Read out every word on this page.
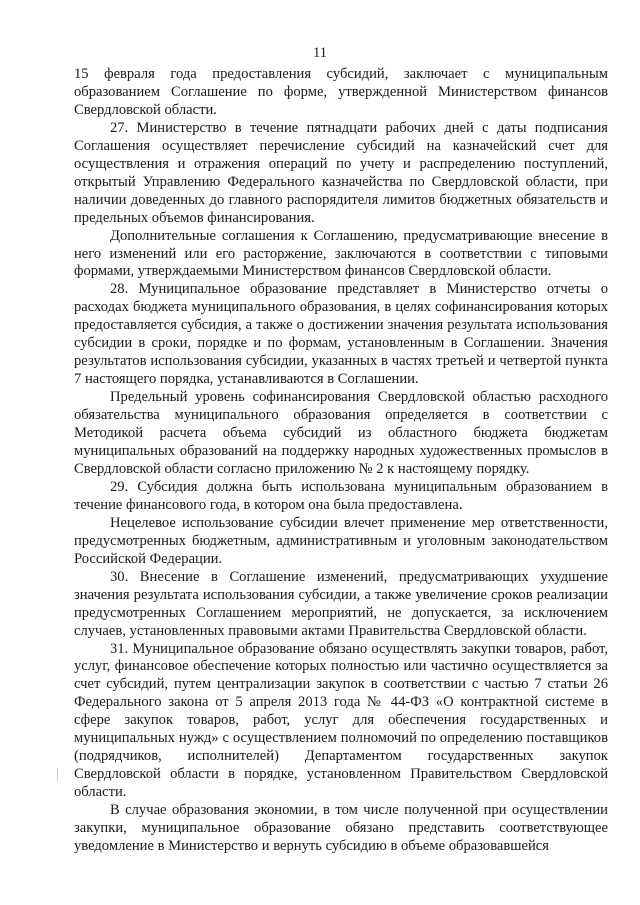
11

15 февраля года предоставления субсидий, заключает с муниципальным образованием Соглашение по форме, утвержденной Министерством финансов Свердловской области.

27. Министерство в течение пятнадцати рабочих дней с даты подписания Соглашения осуществляет перечисление субсидий на казначейский счет для осуществления и отражения операций по учету и распределению поступлений, открытый Управлению Федерального казначейства по Свердловской области, при наличии доведенных до главного распорядителя лимитов бюджетных обязательств и предельных объемов финансирования.

Дополнительные соглашения к Соглашению, предусматривающие внесение в него изменений или его расторжение, заключаются в соответствии с типовыми формами, утверждаемыми Министерством финансов Свердловской области.

28. Муниципальное образование представляет в Министерство отчеты о расходах бюджета муниципального образования, в целях софинансирования которых предоставляется субсидия, а также о достижении значения результата использования субсидии в сроки, порядке и по формам, установленным в Соглашении. Значения результатов использования субсидии, указанных в частях третьей и четвертой пункта 7 настоящего порядка, устанавливаются в Соглашении.

Предельный уровень софинансирования Свердловской областью расходного обязательства муниципального образования определяется в соответствии с Методикой расчета объема субсидий из областного бюджета бюджетам муниципальных образований на поддержку народных художественных промыслов в Свердловской области согласно приложению № 2 к настоящему порядку.

29. Субсидия должна быть использована муниципальным образованием в течение финансового года, в котором она была предоставлена.

Нецелевое использование субсидии влечет применение мер ответственности, предусмотренных бюджетным, административным и уголовным законодательством Российской Федерации.

30. Внесение в Соглашение изменений, предусматривающих ухудшение значения результата использования субсидии, а также увеличение сроков реализации предусмотренных Соглашением мероприятий, не допускается, за исключением случаев, установленных правовыми актами Правительства Свердловской области.

31. Муниципальное образование обязано осуществлять закупки товаров, работ, услуг, финансовое обеспечение которых полностью или частично осуществляется за счет субсидий, путем централизации закупок в соответствии с частью 7 статьи 26 Федерального закона от 5 апреля 2013 года № 44-ФЗ «О контрактной системе в сфере закупок товаров, работ, услуг для обеспечения государственных и муниципальных нужд» с осуществлением полномочий по определению поставщиков (подрядчиков, исполнителей) Департаментом государственных закупок Свердловской области в порядке, установленном Правительством Свердловской области.

В случае образования экономии, в том числе полученной при осуществлении закупки, муниципальное образование обязано представить соответствующее уведомление в Министерство и вернуть субсидию в объеме образовавшейся
